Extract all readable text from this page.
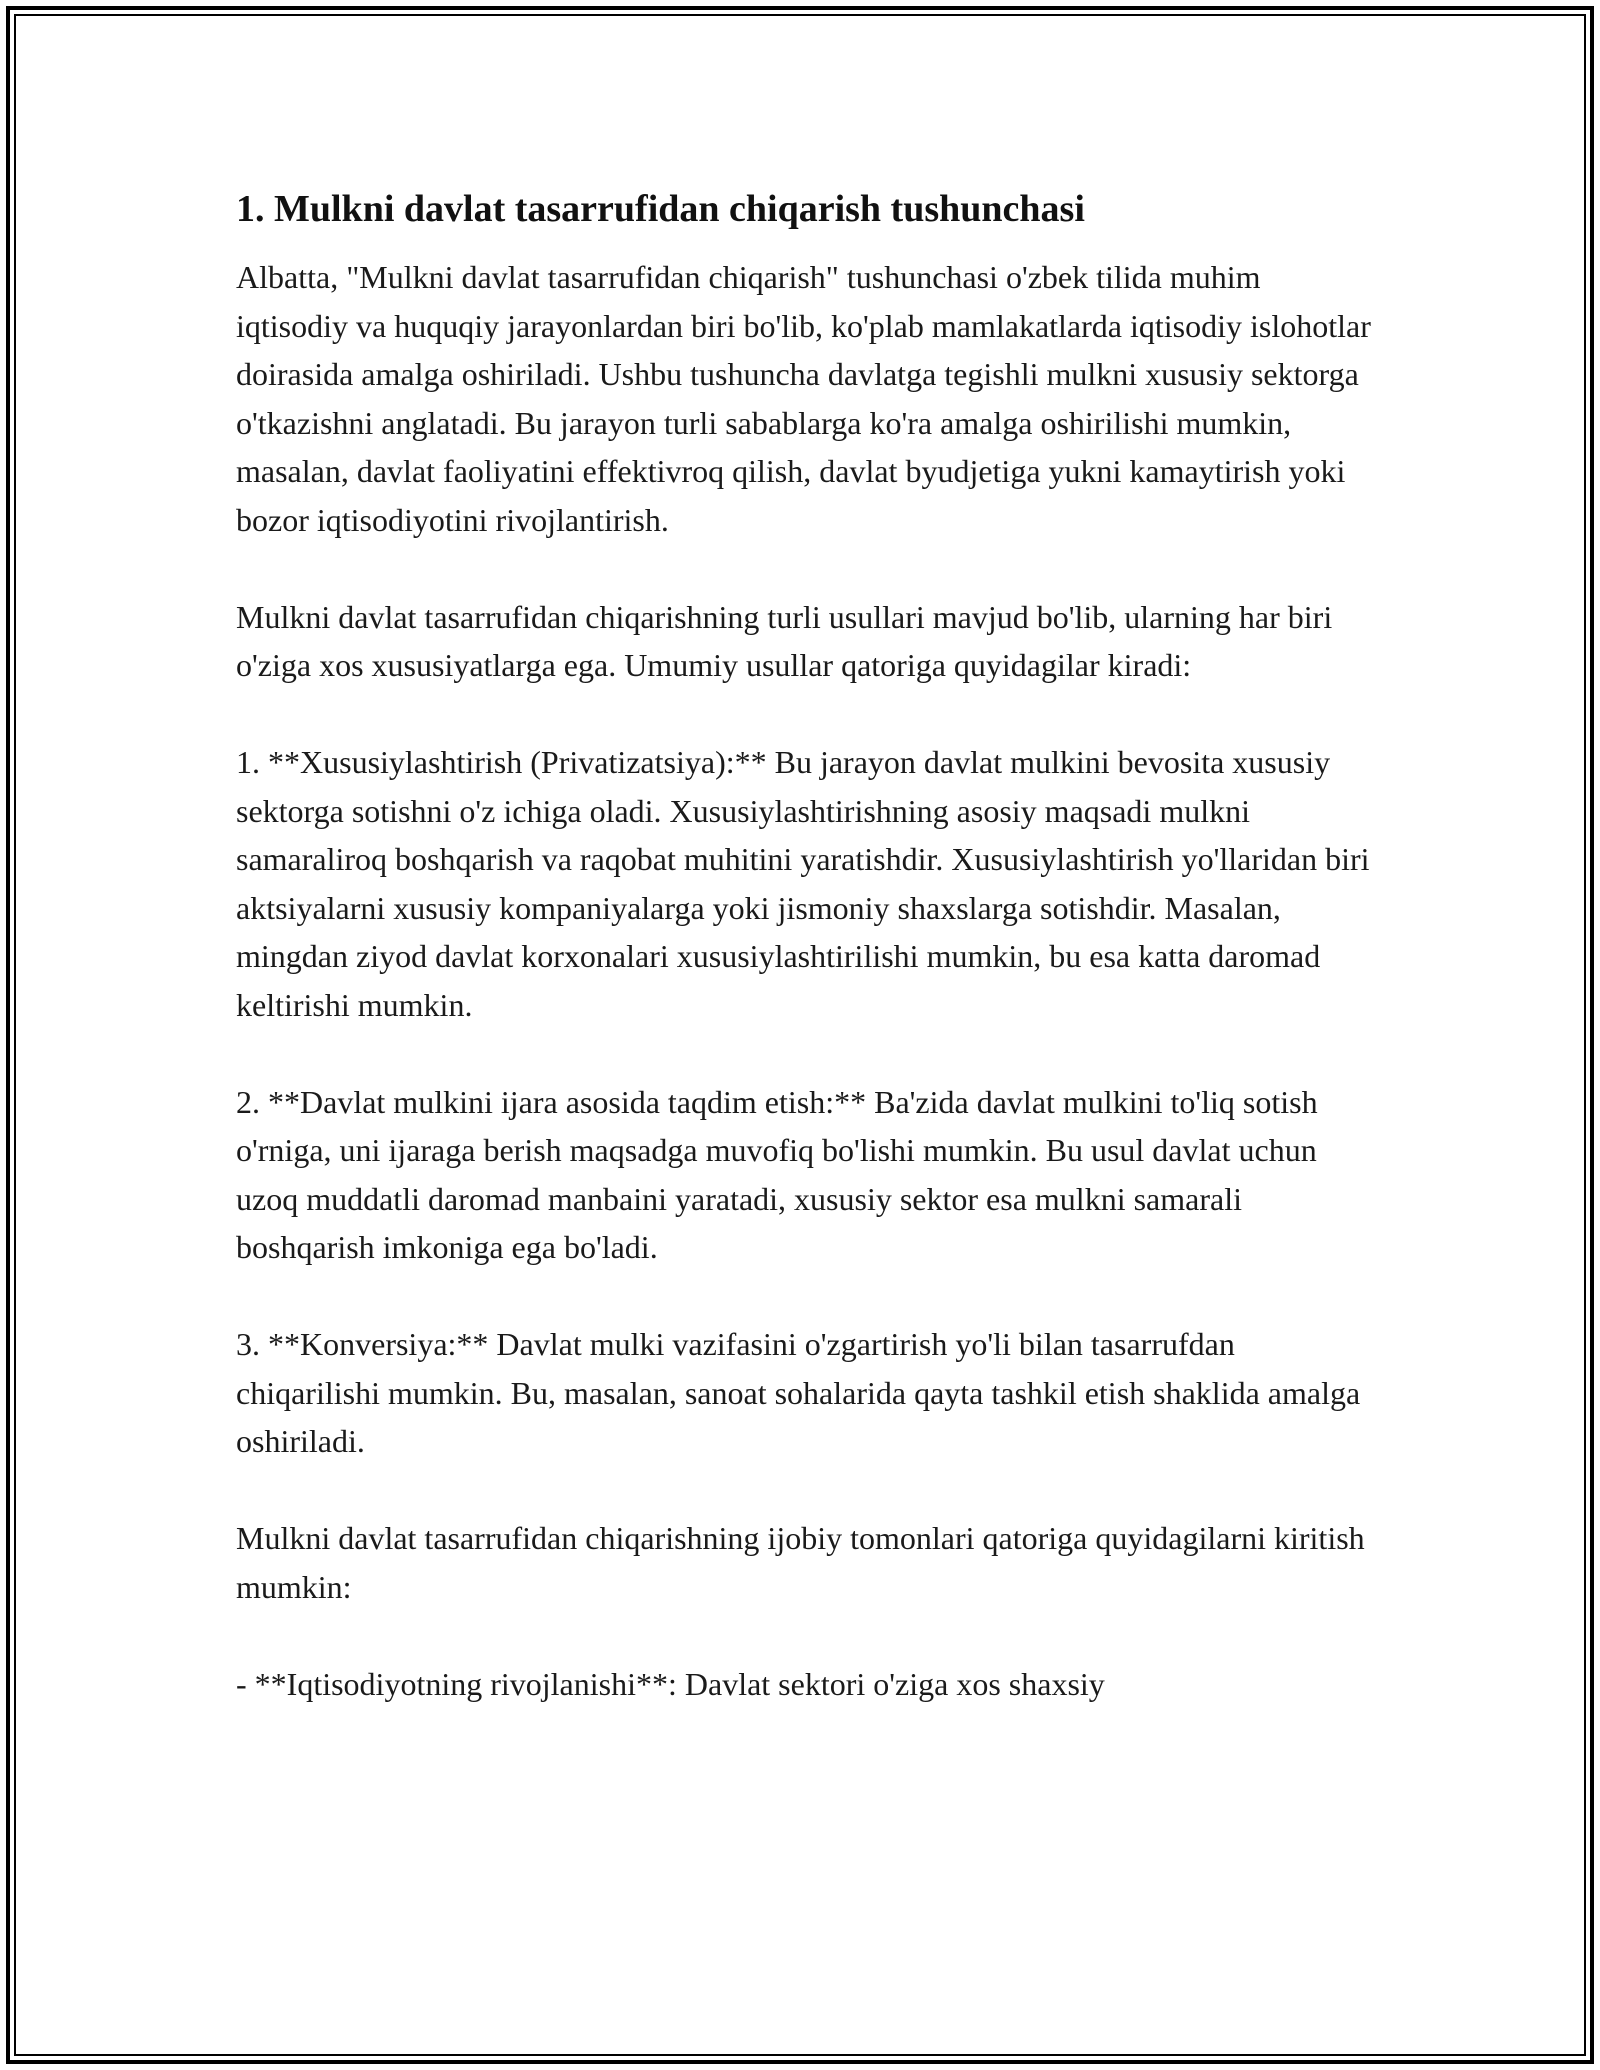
1. Mulkni davlat tasarrufidan chiqarish tushunchasi

Albatta, "Mulkni davlat tasarrufidan chiqarish" tushunchasi o'zbek tilida muhim iqtisodiy va huquqiy jarayonlardan biri bo'lib, ko'plab mamlakatlarda iqtisodiy islohotlar doirasida amalga oshiriladi. Ushbu tushuncha davlatga tegishli mulkni xususiy sektorga o'tkazishni anglatadi. Bu jarayon turli sabablarga ko'ra amalga oshirilishi mumkin, masalan, davlat faoliyatini effektivroq qilish, davlat byudjetiga yukni kamaytirish yoki bozor iqtisodiyotini rivojlantirish.

Mulkni davlat tasarrufidan chiqarishning turli usullari mavjud bo'lib, ularning har biri o'ziga xos xususiyatlarga ega. Umumiy usullar qatoriga quyidagilar kiradi:

1. **Xususiylashtirish (Privatizatsiya):** Bu jarayon davlat mulkini bevosita xususiy sektorga sotishni o'z ichiga oladi. Xususiylashtirishning asosiy maqsadi mulkni samaraliroq boshqarish va raqobat muhitini yaratishdir. Xususiylashtirish yo'llaridan biri aktsiyalarni xususiy kompaniyalarga yoki jismoniy shaxslarga sotishdir. Masalan, mingdan ziyod davlat korxonalari xususiylashtirilishi mumkin, bu esa katta daromad keltirishi mumkin.

2. **Davlat mulkini ijara asosida taqdim etish:** Ba'zida davlat mulkini to'liq sotish o'rniga, uni ijaraga berish maqsadga muvofiq bo'lishi mumkin. Bu usul davlat uchun uzoq muddatli daromad manbaini yaratadi, xususiy sektor esa mulkni samarali boshqarish imkoniga ega bo'ladi.

3. **Konversiya:** Davlat mulki vazifasini o'zgartirish yo'li bilan tasarrufdan chiqarilishi mumkin. Bu, masalan, sanoat sohalarida qayta tashkil etish shaklida amalga oshiriladi.

Mulkni davlat tasarrufidan chiqarishning ijobiy tomonlari qatoriga quyidagilarni kiritish mumkin:

- **Iqtisodiyotning rivojlanishi**: Davlat sektori o'ziga xos shaxsiy
